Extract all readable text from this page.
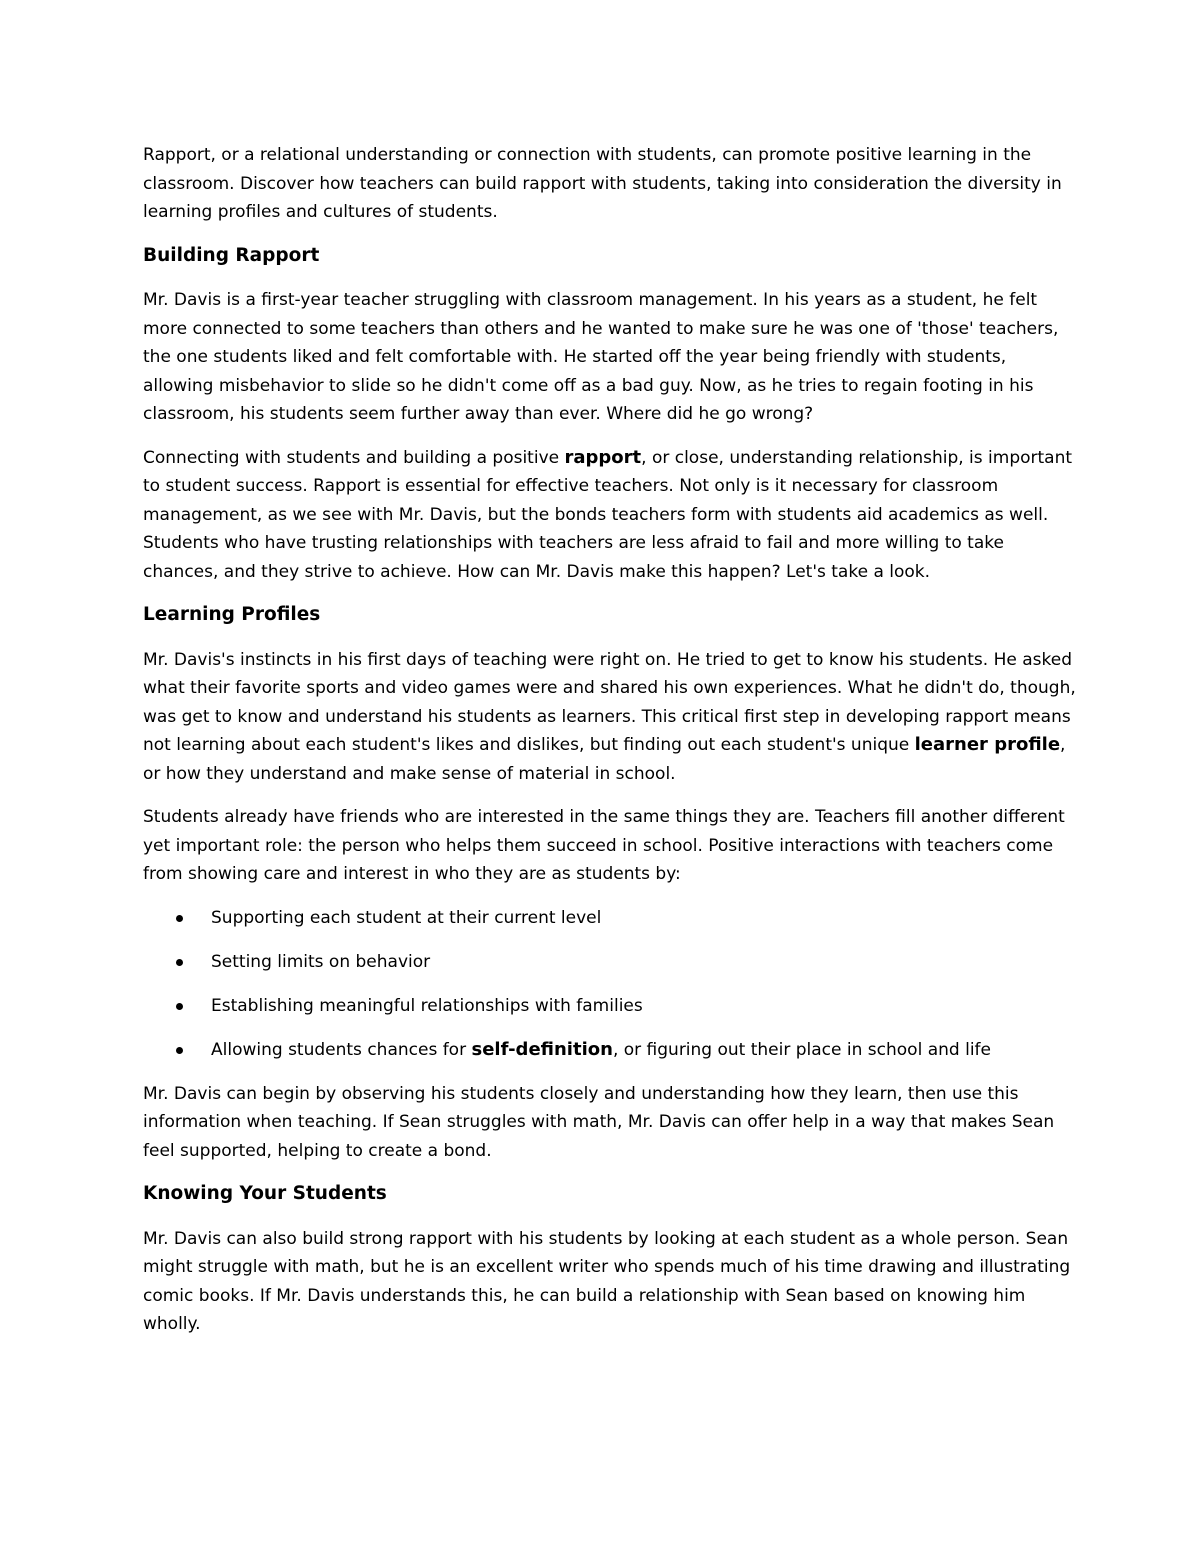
Rapport, or a relational understanding or connection with students, can promote positive learning in the classroom. Discover how teachers can build rapport with students, taking into consideration the diversity in learning profiles and cultures of students.

Building Rapport

Mr. Davis is a first-year teacher struggling with classroom management. In his years as a student, he felt more connected to some teachers than others and he wanted to make sure he was one of 'those' teachers, the one students liked and felt comfortable with. He started off the year being friendly with students, allowing misbehavior to slide so he didn't come off as a bad guy. Now, as he tries to regain footing in his classroom, his students seem further away than ever. Where did he go wrong?

Connecting with students and building a positive rapport, or close, understanding relationship, is important to student success. Rapport is essential for effective teachers. Not only is it necessary for classroom management, as we see with Mr. Davis, but the bonds teachers form with students aid academics as well. Students who have trusting relationships with teachers are less afraid to fail and more willing to take chances, and they strive to achieve. How can Mr. Davis make this happen? Let's take a look.

Learning Profiles

Mr. Davis's instincts in his first days of teaching were right on. He tried to get to know his students. He asked what their favorite sports and video games were and shared his own experiences. What he didn't do, though, was get to know and understand his students as learners. This critical first step in developing rapport means not learning about each student's likes and dislikes, but finding out each student's unique learner profile, or how they understand and make sense of material in school.

Students already have friends who are interested in the same things they are. Teachers fill another different yet important role: the person who helps them succeed in school. Positive interactions with teachers come from showing care and interest in who they are as students by:

Supporting each student at their current level
Setting limits on behavior
Establishing meaningful relationships with families
Allowing students chances for self-definition, or figuring out their place in school and life

Mr. Davis can begin by observing his students closely and understanding how they learn, then use this information when teaching. If Sean struggles with math, Mr. Davis can offer help in a way that makes Sean feel supported, helping to create a bond.

Knowing Your Students

Mr. Davis can also build strong rapport with his students by looking at each student as a whole person. Sean might struggle with math, but he is an excellent writer who spends much of his time drawing and illustrating comic books. If Mr. Davis understands this, he can build a relationship with Sean based on knowing him wholly.
